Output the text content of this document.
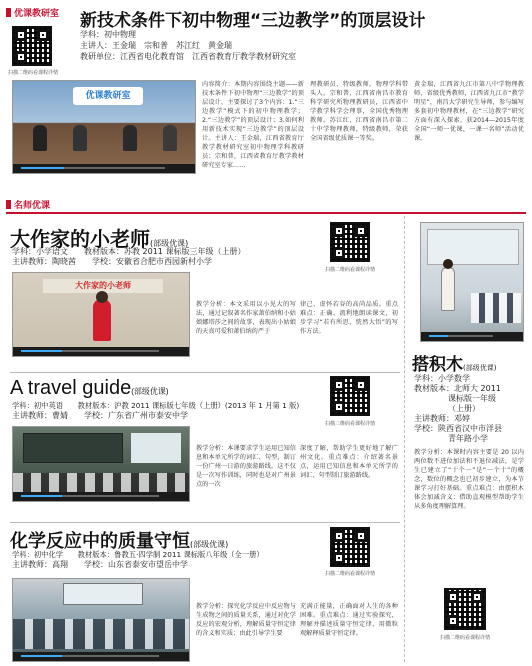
优课教研室
扫描二维码看课程详情
新技术条件下初中物理“三边教学”的顶层设计
学科：初中物理
主讲人：王金瑞　宗和普　苏江红　黄金瑞
教研单位：江西省电化教育馆　江西省教育厅教学教材研究室
优课教研室
内容简介：本期内容围绕主题——新技术条件下初中物理“三边教学”的顶层设计，主要探讨了3个内容：1.“三边教学”模式下的初中物理教学；2.“三边教学”的顶层设计；3.如何利用新技术实现“三边教学”的顶层设计。主讲人：王金瑞，江西省教育厅教学教材研究室初中物理学科教研员；宗和普，江西省教育厅教学教材研究室专家……
理教研员，特级教师，物理学科带头人。宗和普，江西省南昌市教育科学研究所物理教研员，江西省中学教学科学会理事，全国优秀物理教师。苏江红，江西省南昌市第二十中学物理教师，特级教师，荣获全国省级优质课一等奖。
黄金瑞，江西省九江市第八中学物理教师，省级优秀教师，江西省九江市“教学明星”，南昌大学研究生导师，参与编写多套初中物理教材，在“三边教学”研究方面有深入探索，获2014—2015年度全国“一师一优课、一课一名师”活动优课。
名师优课
大作家的小老师(部级优课)
学科：小学语文　　教材版本：苏教 2011 课标版三年级（上册）
主讲教师：陶晓茜　　学校：安徽省合肥市西园新村小学
扫描二维码看课程详情
大作家的小老师
教学分析：本文采用以小见大的写法，通过记叙著名作家萧伯纳和小姑娘娜塔莎之间的故事，表现出小姑娘的天真可爱和萧伯纳的严于
律己、虚怀若谷的高尚品质。重点难点：正确、流利地朗读课文，初步学习“若有所思、恍然大悟”的写作方法。
A travel guide(部级优课)
学科：初中英语　　教材版本：沪教 2011 课标版七年级（上册）(2013 年 1 月第 1 版)
主讲教师：曹婧　　学校：广东省广州市泰安中学
扫描二维码看课程详情
教学分析：本课要求学生运用已知信息和本单元所学的词汇、句型，制订一份广州一日游的旅游路线。这不仅是一次写作训练，同时也是对广州景点的一次
深度了解，帮助学生更好地了解广州文化。重点难点：介绍著名景点，运用已知信息和本单元所学的词汇、句型制订旅游路线。
化学反应中的质量守恒(部级优课)
学科：初中化学　　教材版本：鲁教五·四学制 2011 课标版八年级（全一册）
主讲教师：高翔　　学校：山东省泰安市望岳中学
扫描二维码看课程详情
教学分析：探究化学反应中反应物与生成物之间的质量关系，通过对化学反应的宏观分析，理解质量守恒定律的含义和实质；由此引导学生要
充满正能量，正确面对人生的各种困难。重点难点：通过实验探究，理解并描述质量守恒定律，用微粒观解释质量守恒定律。
搭积木(部级优课)
学科：小学数学
教材版本：北师大 2011
课标版一年级
（上册）
主讲教师：邓婷
学校：陕西省汉中市洋县
青年路小学
教学分析：本课时内容主要是 20 以内两位数不进位加法和不退位减法，是学生已建立了“十个一”是“一个十”的概念，数位的概念也已初步建立，为本节课学习打好基础。重点难点：由摆积木体会加减含义；借助直观模型帮助学生从多角度理解算理。
扫描二维码看课程详情
